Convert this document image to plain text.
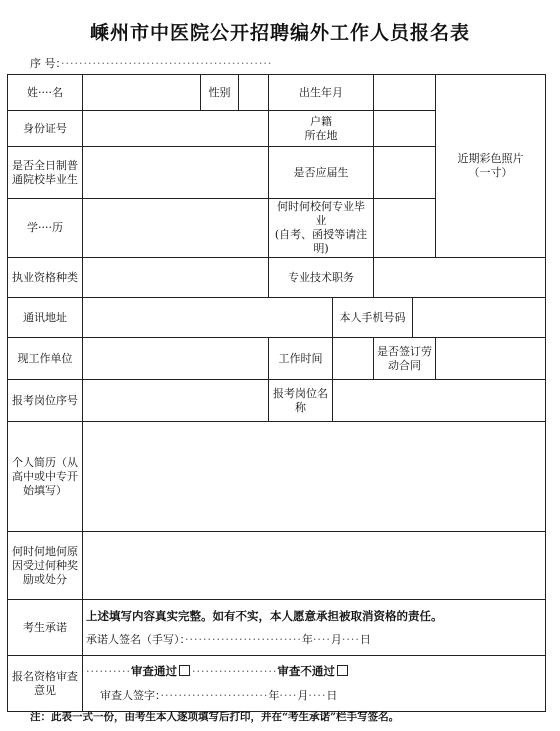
嵊州市中医院公开招聘编外工作人员报名表
序 号：···············································
姓····名		性别		出生年月				近期彩色照片
（一寸）

身份证号				户籍
所在地				

是否全日制普通院校毕业生				是否应届生				
学····历				何时何校何专业毕业
(自考、函授等请注明)				

执业资格种类				专业技术职务				
通讯地址					本人手机号码			
现工作单位				工作时间		是否签订劳动合同		
报考岗位序号				报考岗位名称				
个人简历（从高中或中专开始填写）								
何时何地何原因受过何种奖励或处分								
考生承诺	上述填写内容真实完整。如有不实，本人愿意承担被取消资格的责任。
承诺人签名（手写）：··························年····月····日							

报名资格审查意见	··········审查通过 ···················审查不通过
审查人签字：························年····月····日							
注：此表一式一份，由考生本人逐项填写后打印，并在“考生承诺”栏手写签名。
